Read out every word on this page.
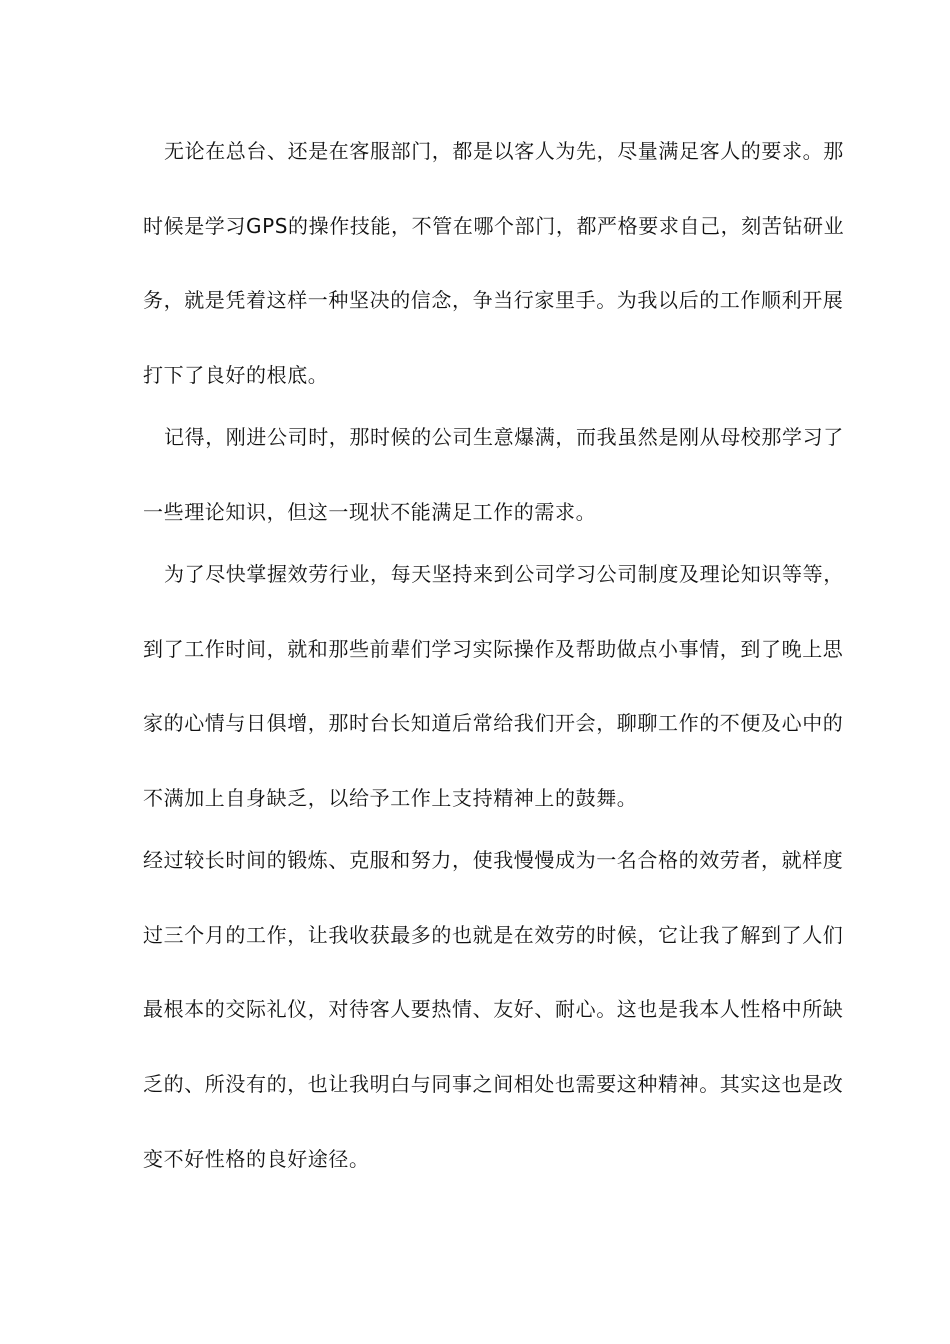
无论在总台、还是在客服部门，都是以客人为先，尽量满足客人的要求。那
时候是学习GPS的操作技能，不管在哪个部门，都严格要求自己，刻苦钻研业
务，就是凭着这样一种坚决的信念，争当行家里手。为我以后的工作顺利开展
打下了良好的根底。
记得，刚进公司时，那时候的公司生意爆满，而我虽然是刚从母校那学习了
一些理论知识，但这一现状不能满足工作的需求。
为了尽快掌握效劳行业，每天坚持来到公司学习公司制度及理论知识等等，
到了工作时间，就和那些前辈们学习实际操作及帮助做点小事情，到了晚上思
家的心情与日俱增，那时台长知道后常给我们开会，聊聊工作的不便及心中的
不满加上自身缺乏，以给予工作上支持精神上的鼓舞。
经过较长时间的锻炼、克服和努力，使我慢慢成为一名合格的效劳者，就样度
过三个月的工作，让我收获最多的也就是在效劳的时候，它让我了解到了人们
最根本的交际礼仪，对待客人要热情、友好、耐心。这也是我本人性格中所缺
乏的、所没有的，也让我明白与同事之间相处也需要这种精神。其实这也是改
变不好性格的良好途径。
